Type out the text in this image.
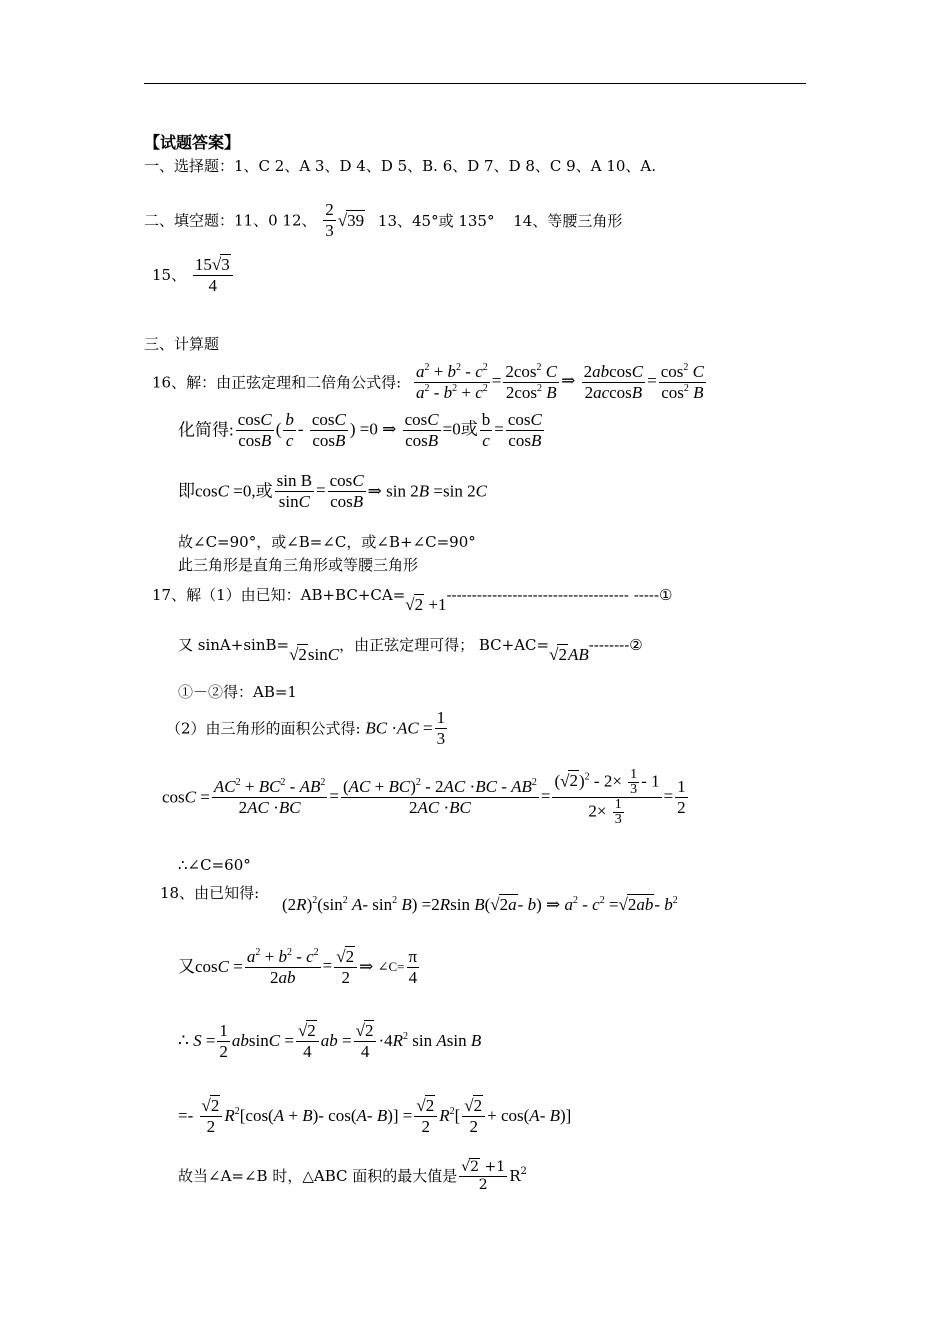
【试题答案】
一、选择题：1、C 2、A 3、D 4、D 5、B. 6、D 7、D 8、C 9、A 10、A.
二、填空题：11、0 12、 $\frac{2}{3} √39$ 13、45°或 135° 14、等腰三角形
15、 $\frac{15√3}{4}$
三、计算题
16、解：由正弦定理和二倍角公式得: $\frac{a^2 + b^2 - c^2}{a^2 - b^2 + c^2} = \frac{2\cos^2 C}{2\cos^2 B}$ ⇒ $\frac{2abcosC}{2accosB} = \frac{\cos^2 C}{\cos^2 B}$
化简得: $\frac{\cos C}{\cos B}$ ( $\frac{b}{c} - \frac{\cos C}{\cos B}$ ) =0 ⇒ $\frac{\cos C}{\cos B} =0$或 $\frac{b}{c} = \frac{\cos C}{\cos B}$
即cosC =0,或 $\frac{\text{sin B}}{\sin C} = \frac{\cos C}{\cos B}$ ⇒ sin 2B =sin 2C
故∠C=90°，或∠B=∠C，或∠B+∠C=90°
此三角形是直角三角形或等腰三角形
17、解（1）由已知：AB+BC+CA=√2 +1------------------------------------ -----①
又 sinA+sinB=√2sinC，由正弦定理可得； BC+AC=√2AB--------②
①－②得：AB=1
（2）由三角形的面积公式得: BC $\cdot AC = \frac{1}{3}$
$\cos C = \frac{AC^2 + BC^2 - AB^2}{2AC \cdot BC} = \frac{(AC + BC)^2 - 2AC \cdot BC - AB^2}{2AC \cdot BC} = \frac{(√2)^2 - 2\times \frac{1}{3} - 1}{2\times \frac{1}{3}} = \frac{1}{2}$
∴∠C=60°
18、由已知得:
$(2R)^2(\sin^2$ A- $\sin^2 B) =2Rsin$ B(√2a- b) ⇒ $a^2 - c^2 =√2ab-$ $b^2$
又$\cos C = \frac{a^2 + b^2 - c^2}{2ab} = \frac{√2}{2}$ ⇒ ∠C= $\frac{\pi}{4}$
∴ $S = \frac{1}{2}$ $absinC = \frac{√2}{4}$ ab = $\frac{√2}{4} \cdot 4R^2$ sin Asin B
=- $\frac{√2}{2} R^2[\cos(A + B)-$ cos(A- $B)] = \frac{√2}{2} R^2[ \frac{√2}{2} + \cos(A-$ B)]
故当∠A=∠B 时，△ABC 面积的最大值是 $\frac{√2 +1}{2} R^2$
